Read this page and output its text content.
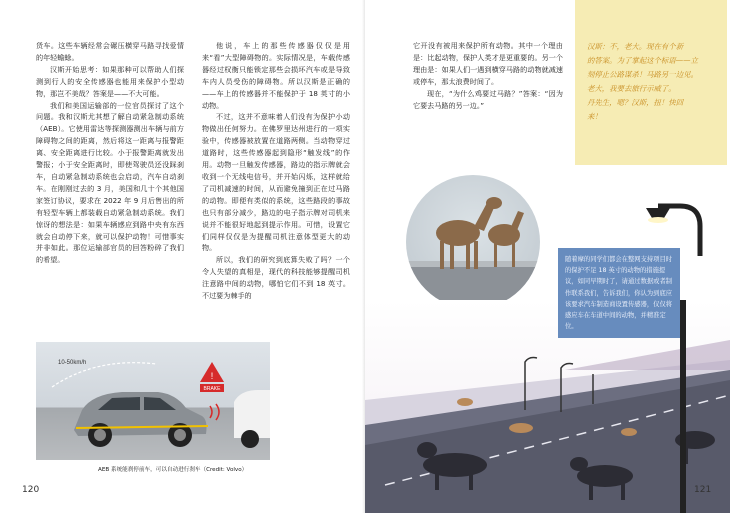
货车。这些车辆经常会碾压横穿马路寻找爱情的年轻蟾蜍。

汉斯开始思考：如果那种可以帮助人们探测到行人的安全传感器也能用来保护小型动物，那岂不美哉？答案是——不大可能。

我们和美国运输部的一位官员探讨了这个问题。我和汉斯尤其想了解自动紧急制动系统（AEB）。它使用雷达等探测器测出车辆与前方障碍物之间的距离，然后将这一距离与报警距离、安全距离进行比较。小于报警距离就发出警报；小于安全距离时，即使驾驶员还没踩刹车，自动紧急制动系统也会启动，汽车自动刹车。在刚刚过去的 3 月，美国和几十个其他国家签订协议，要求在 2022 年 9 月后售出的所有轻型车辆上都装载自动紧急制动系统。我们惊讶的想法是：如果车辆感应到路中央有东西就会自动停下来，就可以保护动物！可惜事实并非如此。那位运输部官员的回答粉碎了我们的希望。

他说，车上的那些传感器仅仅是用来“看”大型障碍物的。实际情况是，车载传感器经过权衡只能锁定那些会损坏汽车或是导致车内人员受伤的障碍物。所以汉斯是正确的——车上的传感器并不能保护于 18 英寸的小动物。

不过，这并不意味着人们没有为保护小动物做出任何努力。在佛罗里达州进行的一项实验中，传感器被放置在道路两侧。当动物穿过道路时，这些传感器起到隐形“触发线”的作用。动物一旦触发传感器，路边的指示牌就会收到一个无线电信号，并开始闪烁，这样就给了司机减速的时间，从而避免撞到正在过马路的动物。即便有类似的系统，这些路段的事故也只有部分减少，路边的电子指示牌对司机来说并不能很好地起到提示作用。可惜，设置它们同样仅仅是为提醒司机注意体型更大的动物。

所以，我们的研究到底算失败了吗？一个令人失望的真相是，现代的科技能够提醒司机注意路中间的动物，哪怕它们不到 18 英寸。不过要为棘手的

10-50km/h
!
BRAKE
AEB 系统能刹停前车，可以自动进行刹车（Credit: Volvo）
120

它开没有被用来保护所有动物。其中一个理由是：比起动物，保护人类才是更重要的。另一个理由是：如果人们一遇到横穿马路的动物就减速或停车，那太浪费时间了。

现在，“为什么鸡要过马路？”答案：“因为它要去马路的另一边。”

汉斯：不，老大。现在有个新
的答案。为了掌起这个标语——立
刻停止公路谋杀！马路另一边见。
老大，我要去旅行示威了。
丹先生，嗯？汉斯，扭！快回
来！
随着摩的同学们都会在整网支持项目时的保护不足 18 英寸的动物的措施提议，如同早期时了，请通过数据或者制作联系我们，告诉我们，你认为到底应该要求汽车制造商设置传感器，仅仅将感应车在车道中间的动物，并精准定位。
121
